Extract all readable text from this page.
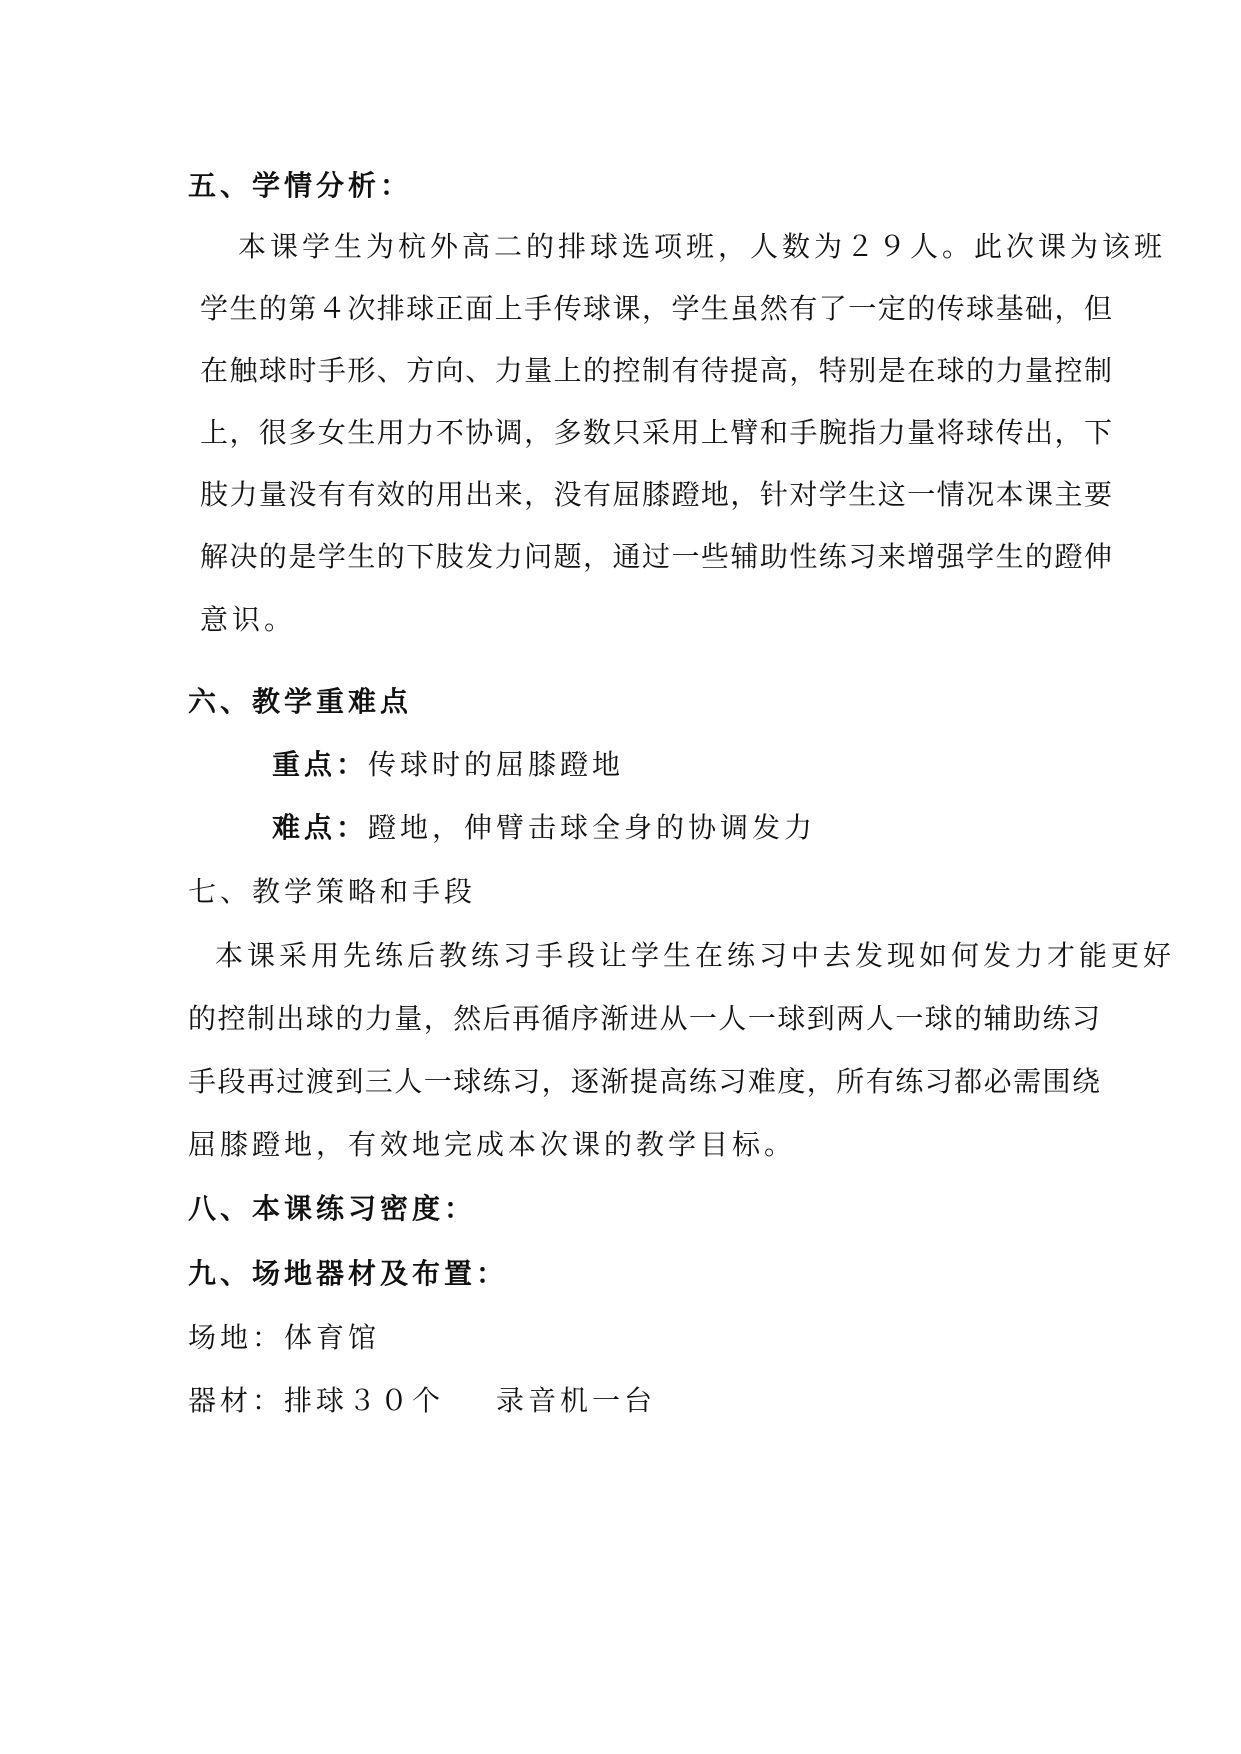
五、学情分析：
本课学生为杭外高二的排球选项班，人数为２９人。此次课为该班
学生的第４次排球正面上手传球课，学生虽然有了一定的传球基础，但
在触球时手形、方向、力量上的控制有待提高，特别是在球的力量控制
上，很多女生用力不协调，多数只采用上臂和手腕指力量将球传出，下
肢力量没有有效的用出来，没有屈膝蹬地，针对学生这一情况本课主要
解决的是学生的下肢发力问题，通过一些辅助性练习来增强学生的蹬伸
意识。
六、教学重难点
重点：传球时的屈膝蹬地
难点：蹬地，伸臂击球全身的协调发力
七、教学策略和手段
本课采用先练后教练习手段让学生在练习中去发现如何发力才能更好
的控制出球的力量，然后再循序渐进从一人一球到两人一球的辅助练习
手段再过渡到三人一球练习，逐渐提高练习难度，所有练习都必需围绕
屈膝蹬地，有效地完成本次课的教学目标。
八、本课练习密度：
九、场地器材及布置：
场地：体育馆
器材：排球３０个 录音机一台
